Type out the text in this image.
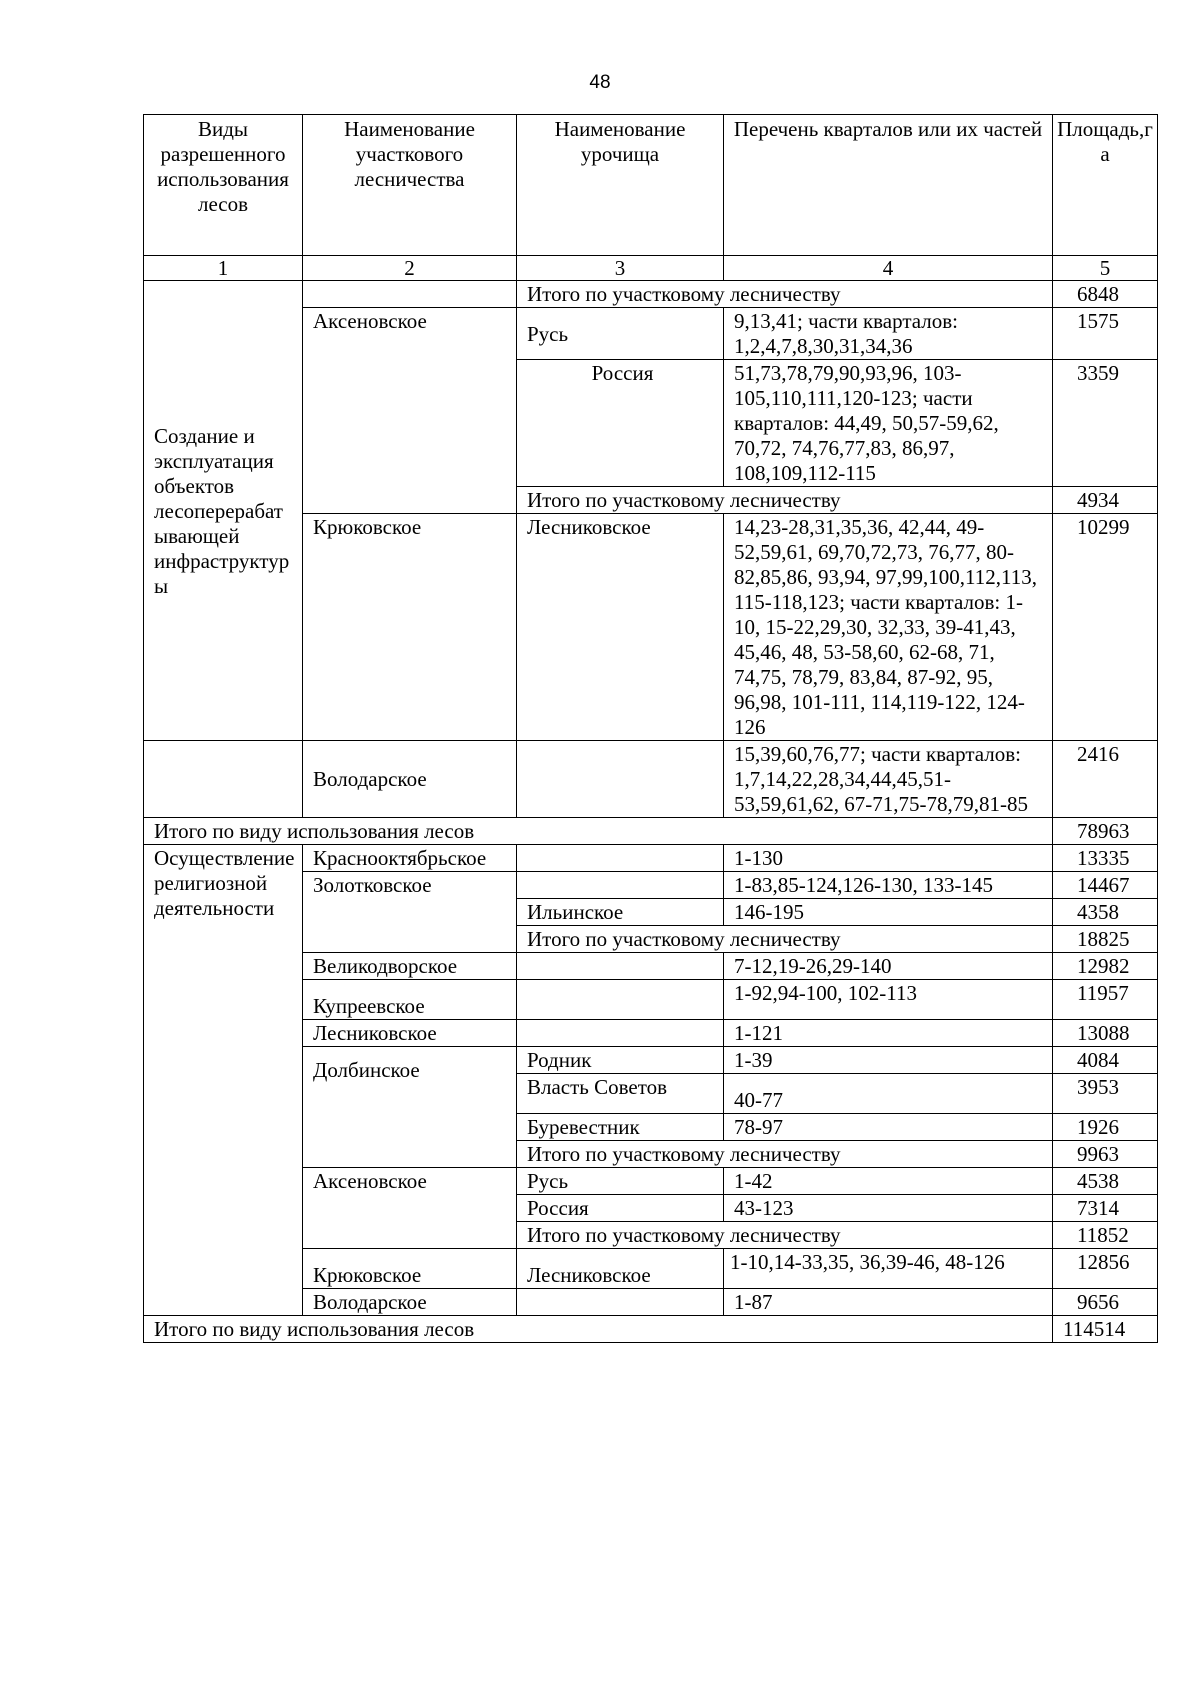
48
Виды разрешенного использования лесов	Наименование участкового лесничества	Наименование урочища	Перечень кварталов или их частей	Площадь,га
1	2	3	4	5
Создание и эксплуатация объектов лесоперерабатывающей инфраструктуры		Итого по участковому лесничеству		6848
	Аксеновское	Русь	9,13,41; части кварталов: 1,2,4,7,8,30,31,34,36	1575
		Россия	51,73,78,79,90,93,96, 103-105,110,111,120-123; части кварталов: 44,49, 50,57-59,62, 70,72, 74,76,77,83, 86,97, 108,109,112-115	3359
		Итого по участковому лесничеству		4934
	Крюковское	Лесниковское	14,23-28,31,35,36, 42,44, 49-52,59,61, 69,70,72,73, 76,77, 80-82,85,86, 93,94, 97,99,100,112,113, 115-118,123; части кварталов: 1-10, 15-22,29,30, 32,33, 39-41,43, 45,46, 48, 53-58,60, 62-68, 71, 74,75, 78,79, 83,84, 87-92, 95, 96,98, 101-111, 114,119-122, 124-126	10299
	Володарское		15,39,60,76,77; части кварталов: 1,7,14,22,28,34,44,45,51-53,59,61,62, 67-71,75-78,79,81-85	2416
Итого по виду использования лесов				78963
Осуществление религиозной деятельности	Краснооктябрьское		1-130	13335
	Золотковское		1-83,85-124,126-130, 133-145	14467
		Ильинское	146-195	4358
		Итого по участковому лесничеству		18825
	Великодворское		7-12,19-26,29-140	12982
	Купреевское		1-92,94-100, 102-113	11957
	Лесниковское		1-121	13088

	Долбинское	Родник	1-39	4084
		Власть Советов	40-77	3953
		Буревестник	78-97	1926
		Итого по участковому лесничеству		9963
	Аксеновское	Русь	1-42	4538
		Россия	43-123	7314
		Итого по участковому лесничеству		11852
	Крюковское	Лесниковское	1-10,14-33,35, 36,39-46, 48-126	12856
	Володарское		1-87	9656
Итого по виду использования лесов				114514
